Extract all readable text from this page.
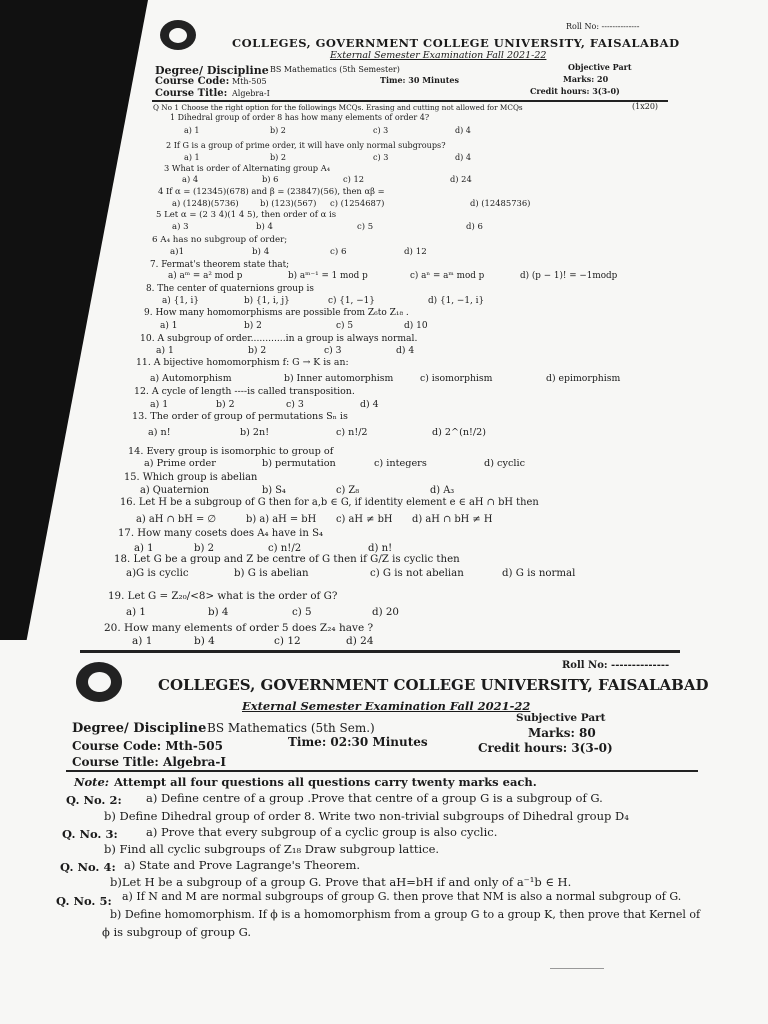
Roll No: --------------
COLLEGES, GOVERNMENT COLLEGE UNIVERSITY, FAISALABAD
External Semester Examination Fall 2021-22
Degree/ Discipline BS Mathematics (5th Semester)	Objective Part
Course Code: Mth-505	Time: 30 Minutes	Marks: 20
Course Title: Algebra-I	Credit hours: 3(3-0)
Q No 1 Choose the right option for the followings MCQs. Erasing and cutting not allowed for MCQs	(1x20)
1 Dihedral group of order 8 has how many elements of order 4?
a) 1	b) 2	c) 3	d) 4
2 If G is a group of prime order, it will have only normal subgroups?
a) 1	b) 2	c) 3	d) 4
3 What is order of Alternating group A₄
a) 4	b) 6	c) 12	d) 24
4 If α = (12345)(678) and β = (23847)(56), then αβ =
a) (1248)(5736)	b) (123)(567) c) (1254687)	d) (12485736)
5 Let α = (2 3 4)(1 4 5), then order of α is
a) 3	b) 4	c) 5	d) 6
6 A₄ has no subgroup of order;
a)1	b) 4	c) 6	d) 12
7. Fermat's theorem state that;
a) aᵐ = a² mod p	b) aᵐ⁻¹ = 1 mod p	c) aⁿ = aᵐ mod p	d) (p − 1)! = −1modp
8. The center of quaternions group is
a) {1, i}	b) {1, i, j}	c) {1, −1}	d) {1, −1, i}
9. How many homomorphisms are possible from Z₆to Z₁₈ .
a) 1	b) 2	c) 5	d) 10
10. A subgroup of order............in a group is always normal.
a) 1	b) 2	c) 3	d) 4
11. A bijective homomorphism f: G → K is an:
a) Automorphism	b) Inner automorphism	c) isomorphism	d) epimorphism
12. A cycle of length ----is called transposition.
a) 1	b) 2	c) 3	d) 4
13. The order of group of permutations Sₙ is
a) n!	b) 2n!	c) n!/2	d) 2^(n!/2)
14. Every group is isomorphic to group of
a) Prime order	b) permutation	c) integers	d) cyclic
15. Which group is abelian
a) Quaternion	b) S₄	c) Z₈	d) A₃
16. Let H be a subgroup of G then for a,b ∈ G, if identity element e ∈ aH ∩ bH then
a) aH ∩ bH = ∅	b) a) aH = bH c) aH ≠ bH d) aH ∩ bH ≠ H
17. How many cosets does A₄ have in S₄
a) 1	b) 2	c) n!/2	d) n!
18. Let G be a group and Z be centre of G then if G/Z is cyclic then
a)G is cyclic	b) G is abelian	c) G is not abelian	d) G is normal
19. Let G = Z₂₀/<8> what is the order of G?
a) 1	b) 4	c) 5	d) 20
20. How many elements of order 5 does Z₂₄ have ?
a) 1	b) 4	c) 12	d) 24
Roll No: --------------
COLLEGES, GOVERNMENT COLLEGE UNIVERSITY, FAISALABAD
External Semester Examination Fall 2021-22
Subjective Part
Degree/ Discipline BS Mathematics (5th Sem.)	Marks: 80
Course Code: Mth-505	Time: 02:30 Minutes	Credit hours: 3(3-0)
Course Title: Algebra-I
Note: Attempt all four questions all questions carry twenty marks each.
Q. No. 2: a) Define centre of a group .Prove that centre of a group G is a subgroup of G.
b) Define Dihedral group of order 8. Write two non-trivial subgroups of Dihedral group D₄
Q. No. 3: a) Prove that every subgroup of a cyclic group is also cyclic.
b) Find all cyclic subgroups of Z₁₈ Draw subgroup lattice.
Q. No. 4: a) State and Prove Lagrange's Theorem.
b)Let H be a subgroup of a group G. Prove that aH=bH if and only of a⁻¹b ∈ H.
Q. No. 5: a) If N and M are normal subgroups of group G. then prove that NM is also a normal subgroup of G.
b) Define homomorphism. If ϕ is a homomorphism from a group G to a group K, then prove that Kernel of
ϕ is subgroup of group G.
